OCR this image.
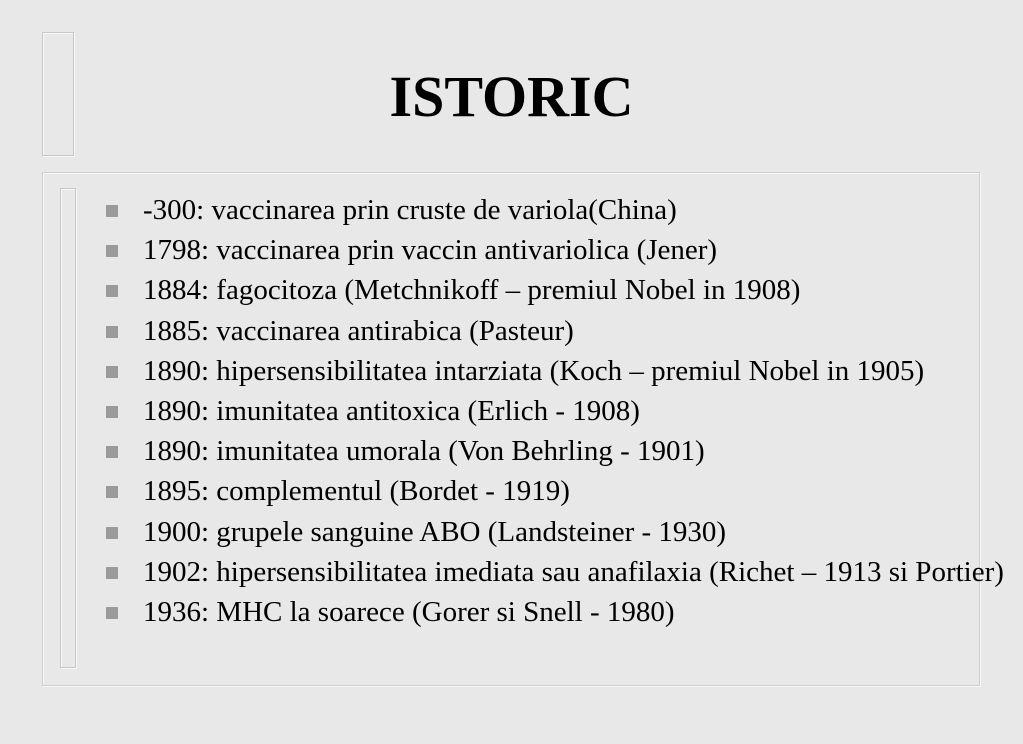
ISTORIC
-300: vaccinarea prin cruste de variola(China)
1798: vaccinarea prin vaccin antivariolica (Jener)
1884: fagocitoza (Metchnikoff – premiul Nobel in 1908)
1885: vaccinarea antirabica (Pasteur)
1890: hipersensibilitatea intarziata (Koch – premiul Nobel in 1905)
1890: imunitatea antitoxica (Erlich - 1908)
1890: imunitatea umorala (Von Behrling - 1901)
1895: complementul (Bordet - 1919)
1900: grupele sanguine ABO (Landsteiner - 1930)
1902: hipersensibilitatea imediata sau anafilaxia (Richet – 1913 si Portier)
1936: MHC la soarece (Gorer si Snell - 1980)
